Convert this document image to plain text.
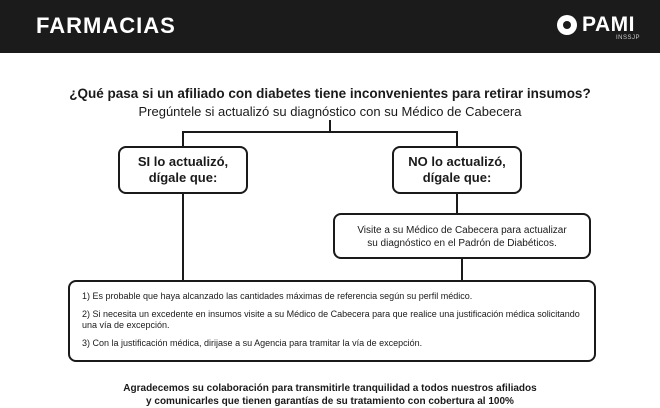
FARMACIAS	PAMI
INSSJP
¿Qué pasa si un afiliado con diabetes tiene inconvenientes para retirar insumos?
Pregúntele si actualizó su diagnóstico con su Médico de Cabecera
SI lo actualizó,
dígale que:
NO lo actualizó,
dígale que:
Visite a su Médico de Cabecera para actualizar
su diagnóstico en el Padrón de Diabéticos.
1) Es probable que haya alcanzado las cantidades máximas de referencia según su perfil médico.
2) Si necesita un excedente en insumos visite a su Médico de Cabecera para que realice una justificación médica solicitando una vía de excepción.
3) Con la justificación médica, dirijase a su Agencia para tramitar la vía de excepción.
Agradecemos su colaboración para transmitirle tranquilidad a todos nuestros afiliados
y comunicarles que tienen garantías de su tratamiento con cobertura al 100%
